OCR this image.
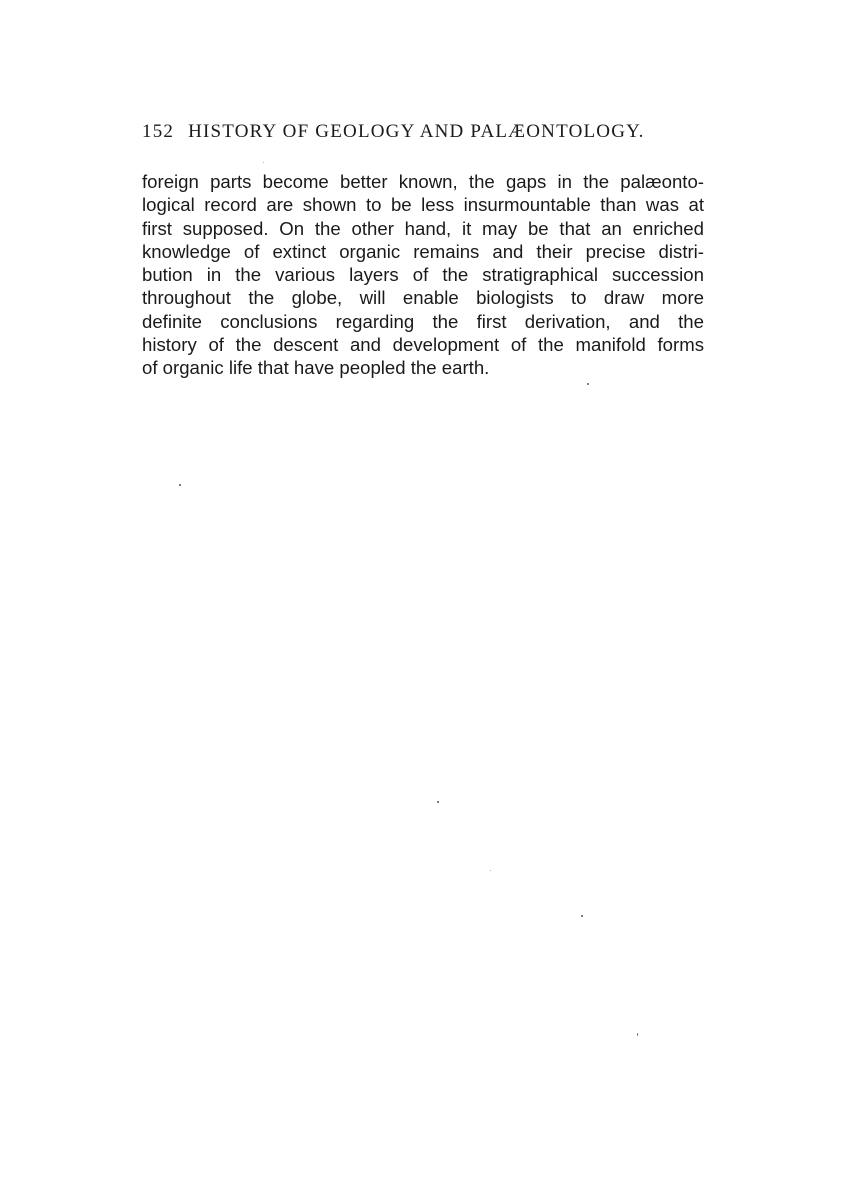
152 HISTORY OF GEOLOGY AND PALÆONTOLOGY.
foreign parts become better known, the gaps in the palæonto-
logical record are shown to be less insurmountable than was at
first supposed. On the other hand, it may be that an enriched
knowledge of extinct organic remains and their precise distri-
bution in the various layers of the stratigraphical succession
throughout the globe, will enable biologists to draw more
definite conclusions regarding the first derivation, and the
history of the descent and development of the manifold forms
of organic life that have peopled the earth.
